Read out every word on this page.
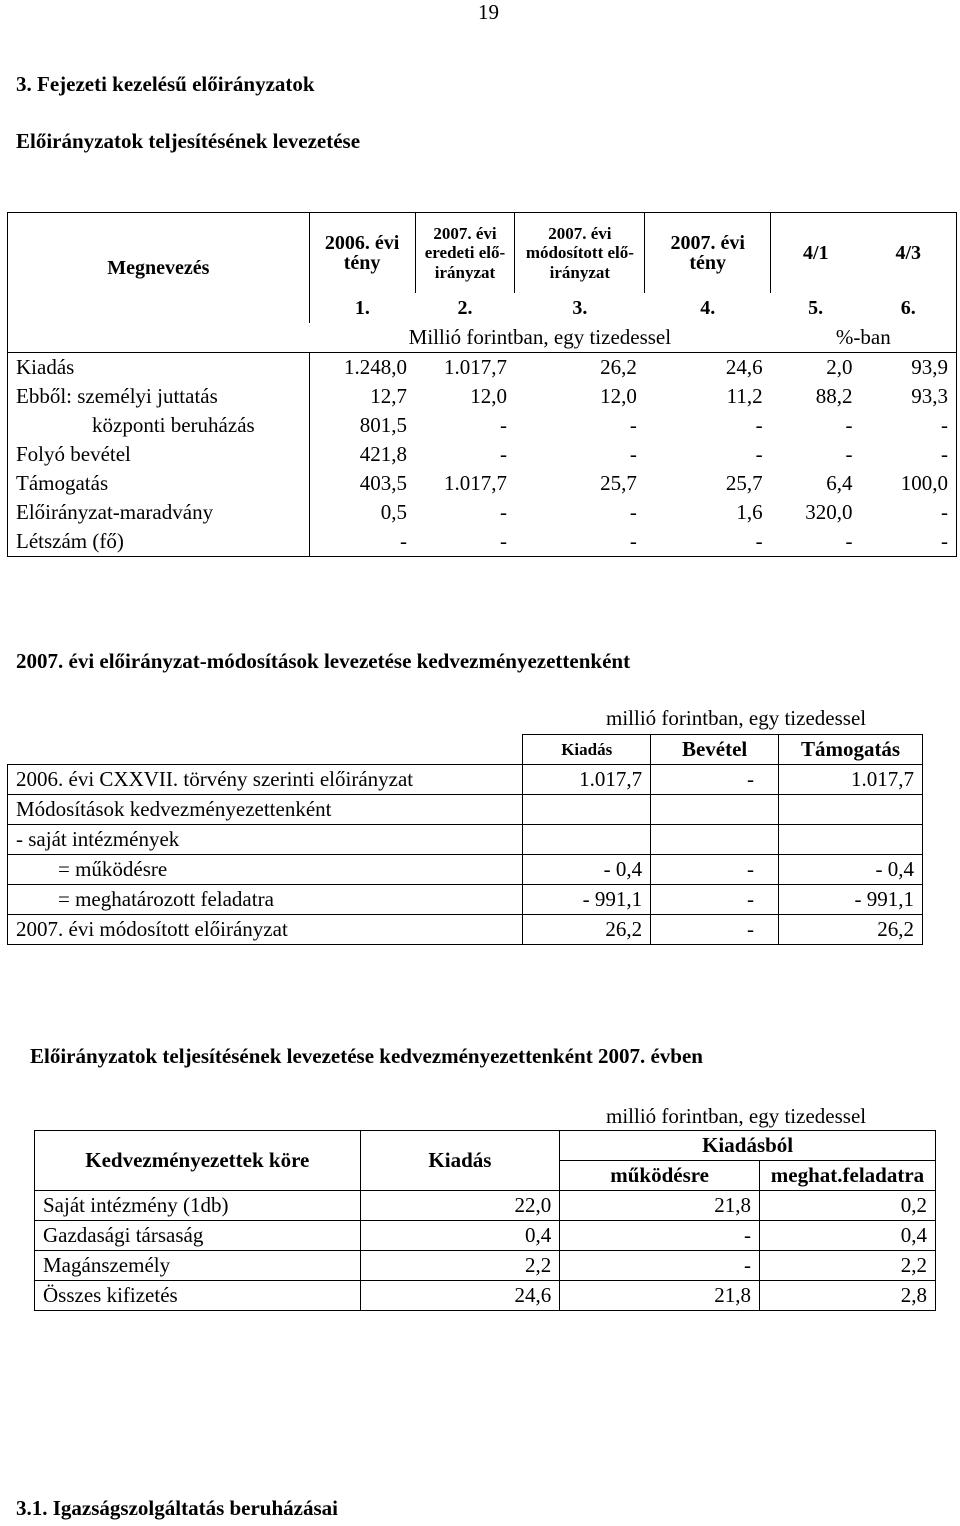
19
3. Fejezeti kezelésű előirányzatok
Előirányzatok teljesítésének levezetése
Megnevezés	2006. évi tény	2007. évi eredeti elő-irányzat	2007. évi módosított elő-irányzat	2007. évi tény	4/1	4/3
	1.	2.	3.	4.	5.	6.
	Millió forintban, egy tizedessel				%-ban	
Kiadás	1.248,0	1.017,7	26,2	24,6	2,0	93,9
Ebből: személyi juttatás	12,7	12,0	12,0	11,2	88,2	93,3
központi beruházás	801,5	-	-	-	-	-
Folyó bevétel	421,8	-	-	-	-	-
Támogatás	403,5	1.017,7	25,7	25,7	6,4	100,0
Előirányzat-maradvány	0,5	-	-	1,6	320,0	-
Létszám (fő)	-	-	-	-	-	-
2007. évi előirányzat-módosítások levezetése kedvezményezettenként
millió forintban, egy tizedessel
	Kiadás	Bevétel	Támogatás
2006. évi CXXVII. törvény szerinti előirányzat	1.017,7	-	1.017,7
Módosítások kedvezményezettenként			
- saját intézmények			
= működésre	- 0,4	-	- 0,4
= meghatározott feladatra	- 991,1	-	- 991,1
2007. évi módosított előirányzat	26,2	-	26,2
Előirányzatok teljesítésének levezetése kedvezményezettenként 2007. évben
millió forintban, egy tizedessel
Kedvezményezettek köre	Kiadás	Kiadásból	
		működésre	meghat.feladatra
Saját intézmény (1db)	22,0	21,8	0,2
Gazdasági társaság	0,4	-	0,4
Magánszemély	2,2	-	2,2
Összes kifizetés	24,6	21,8	2,8
3.1. Igazságszolgáltatás beruházásai
